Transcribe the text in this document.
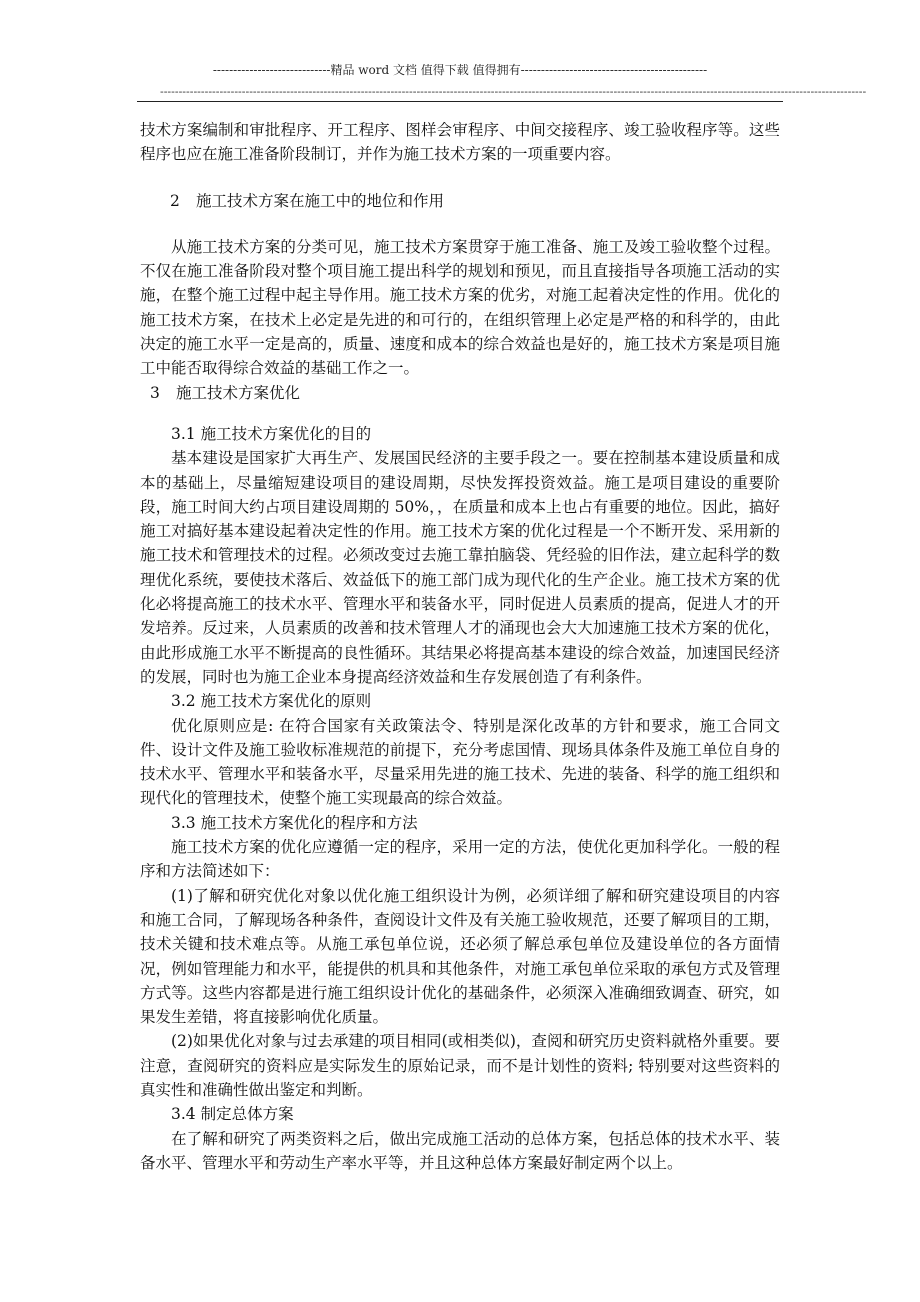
-----------------------------精品 word 文档 值得下载 值得拥有----------------------------------------------
----------------------------------------------------------------------------------------------------------------------------------------------------------------------------------------------

技术方案编制和审批程序、开工程序、图样会审程序、中间交接程序、竣工验收程序等。这些程序也应在施工准备阶段制订，并作为施工技术方案的一项重要内容。

2 施工技术方案在施工中的地位和作用

从施工技术方案的分类可见，施工技术方案贯穿于施工准备、施工及竣工验收整个过程。不仅在施工准备阶段对整个项目施工提出科学的规划和预见，而且直接指导各项施工活动的实施，在整个施工过程中起主导作用。施工技术方案的优劣，对施工起着决定性的作用。优化的施工技术方案，在技术上必定是先进的和可行的，在组织管理上必定是严格的和科学的，由此决定的施工水平一定是高的，质量、速度和成本的综合效益也是好的，施工技术方案是项目施工中能否取得综合效益的基础工作之一。

3 施工技术方案优化

3.1 施工技术方案优化的目的

基本建设是国家扩大再生产、发展国民经济的主要手段之一。要在控制基本建设质量和成本的基础上，尽量缩短建设项目的建设周期，尽快发挥投资效益。施工是项目建设的重要阶段，施工时间大约占项目建设周期的 50%，，在质量和成本上也占有重要的地位。因此，搞好施工对搞好基本建设起着决定性的作用。施工技术方案的优化过程是一个不断开发、采用新的施工技术和管理技术的过程。必须改变过去施工靠拍脑袋、凭经验的旧作法，建立起科学的数理优化系统，要使技术落后、效益低下的施工部门成为现代化的生产企业。施工技术方案的优化必将提高施工的技术水平、管理水平和装备水平，同时促进人员素质的提高，促进人才的开发培养。反过来，人员素质的改善和技术管理人才的涌现也会大大加速施工技术方案的优化，由此形成施工水平不断提高的良性循环。其结果必将提高基本建设的综合效益，加速国民经济的发展，同时也为施工企业本身提高经济效益和生存发展创造了有利条件。

3.2 施工技术方案优化的原则

优化原则应是: 在符合国家有关政策法令、特别是深化改革的方针和要求，施工合同文件、设计文件及施工验收标准规范的前提下，充分考虑国情、现场具体条件及施工单位自身的技术水平、管理水平和装备水平，尽量采用先进的施工技术、先进的装备、科学的施工组织和现代化的管理技术，使整个施工实现最高的综合效益。

3.3 施工技术方案优化的程序和方法

施工技术方案的优化应遵循一定的程序，采用一定的方法，使优化更加科学化。一般的程序和方法简述如下：

(1)了解和研究优化对象以优化施工组织设计为例，必须详细了解和研究建设项目的内容和施工合同，了解现场各种条件，查阅设计文件及有关施工验收规范，还要了解项目的工期，技术关键和技术难点等。从施工承包单位说，还必须了解总承包单位及建设单位的各方面情况，例如管理能力和水平，能提供的机具和其他条件，对施工承包单位采取的承包方式及管理方式等。这些内容都是进行施工组织设计优化的基础条件，必须深入准确细致调查、研究，如果发生差错，将直接影响优化质量。

(2)如果优化对象与过去承建的项目相同(或相类似)，查阅和研究历史资料就格外重要。要注意，查阅研究的资料应是实际发生的原始记录，而不是计划性的资料; 特别要对这些资料的真实性和准确性做出鉴定和判断。

3.4 制定总体方案

在了解和研究了两类资料之后，做出完成施工活动的总体方案，包括总体的技术水平、装备水平、管理水平和劳动生产率水平等，并且这种总体方案最好制定两个以上。
